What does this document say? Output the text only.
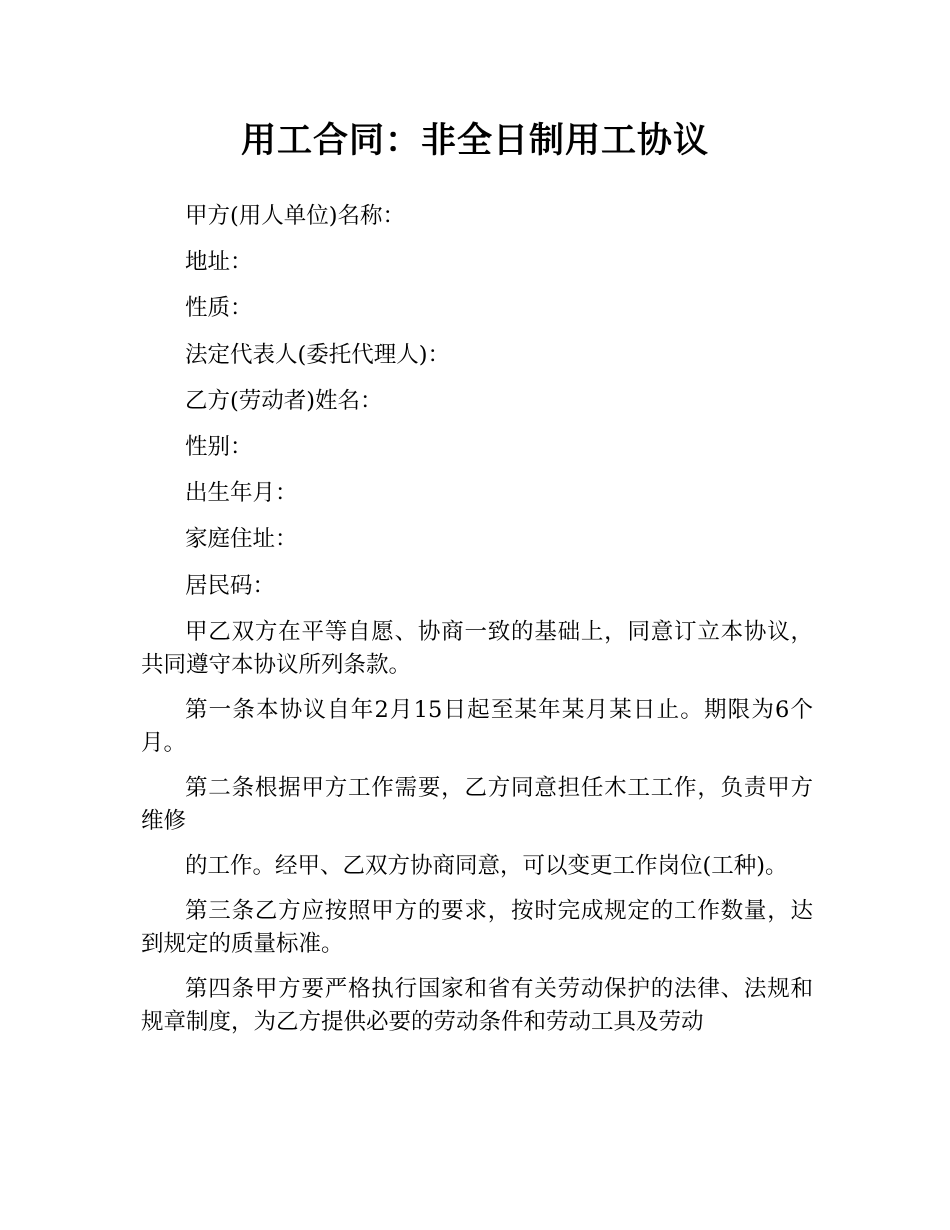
用工合同：非全日制用工协议

甲方(用人单位)名称：

地址：

性质：

法定代表人(委托代理人)：

乙方(劳动者)姓名：

性别：

出生年月：

家庭住址：

居民码：

甲乙双方在平等自愿、协商一致的基础上，同意订立本协议，共同遵守本协议所列条款。

第一条本协议自年2月15日起至某年某月某日止。期限为6个月。

第二条根据甲方工作需要，乙方同意担任木工工作，负责甲方维修

的工作。经甲、乙双方协商同意，可以变更工作岗位(工种)。

第三条乙方应按照甲方的要求，按时完成规定的工作数量，达到规定的质量标准。

第四条甲方要严格执行国家和省有关劳动保护的法律、法规和规章制度，为乙方提供必要的劳动条件和劳动工具及劳动
